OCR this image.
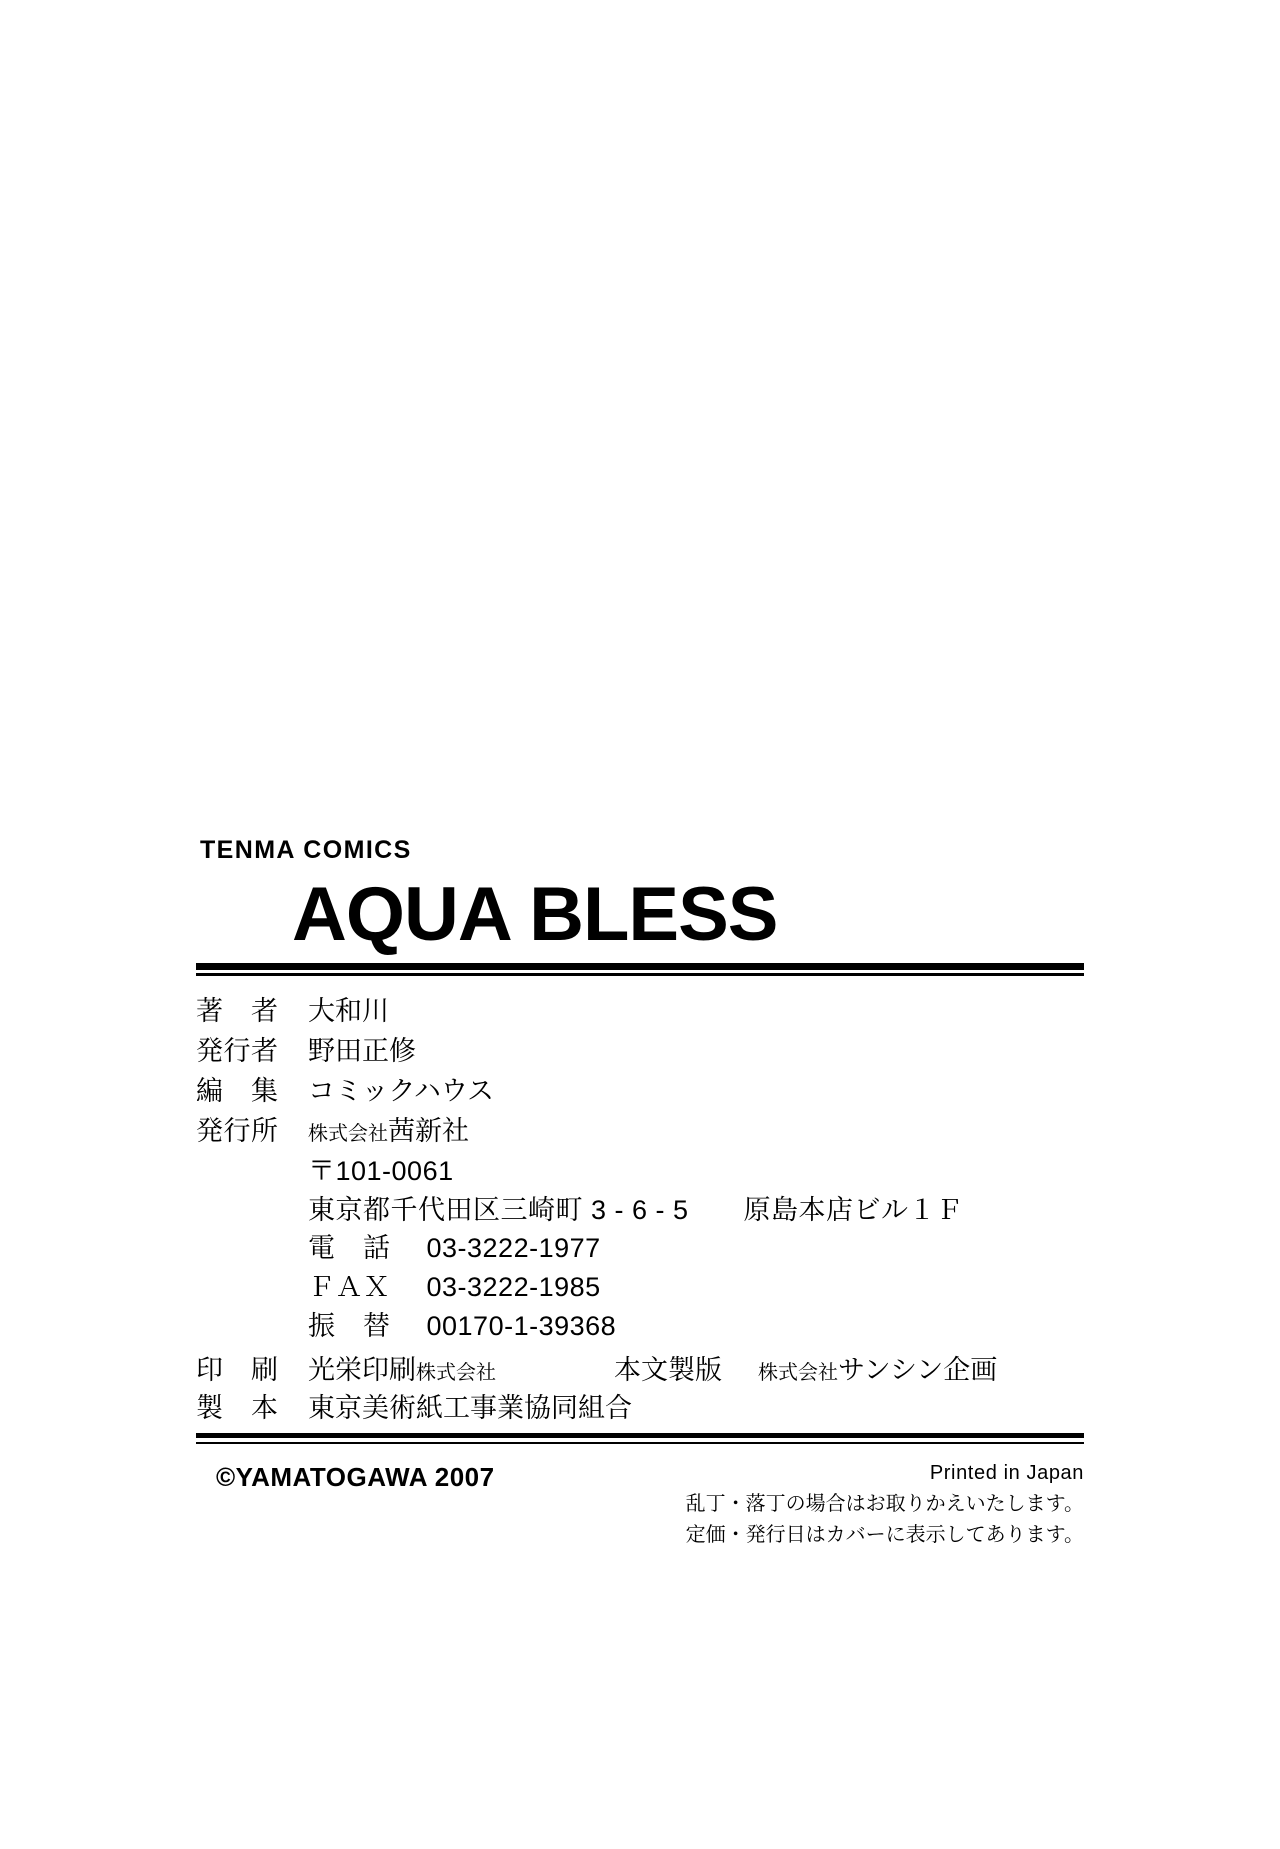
TENMA COMICS
AQUA BLESS
著　者	大和川
発行者	野田正修
編　集	コミックハウス
発行所	株式会社茜新社
〒101-0061
東京都千代田区三崎町 3 - 6 - 5　　原島本店ビル１Ｆ
電　話 03-3222-1977
ＦＡＸ 03-3222-1985
振　替 00170-1-39368
印　刷	光栄印刷株式会社	本文製版 株式会社サンシン企画
製　本	東京美術紙工事業協同組合
©YAMATOGAWA 2007	Printed in Japan
乱丁・落丁の場合はお取りかえいたします。
定価・発行日はカバーに表示してあります。
